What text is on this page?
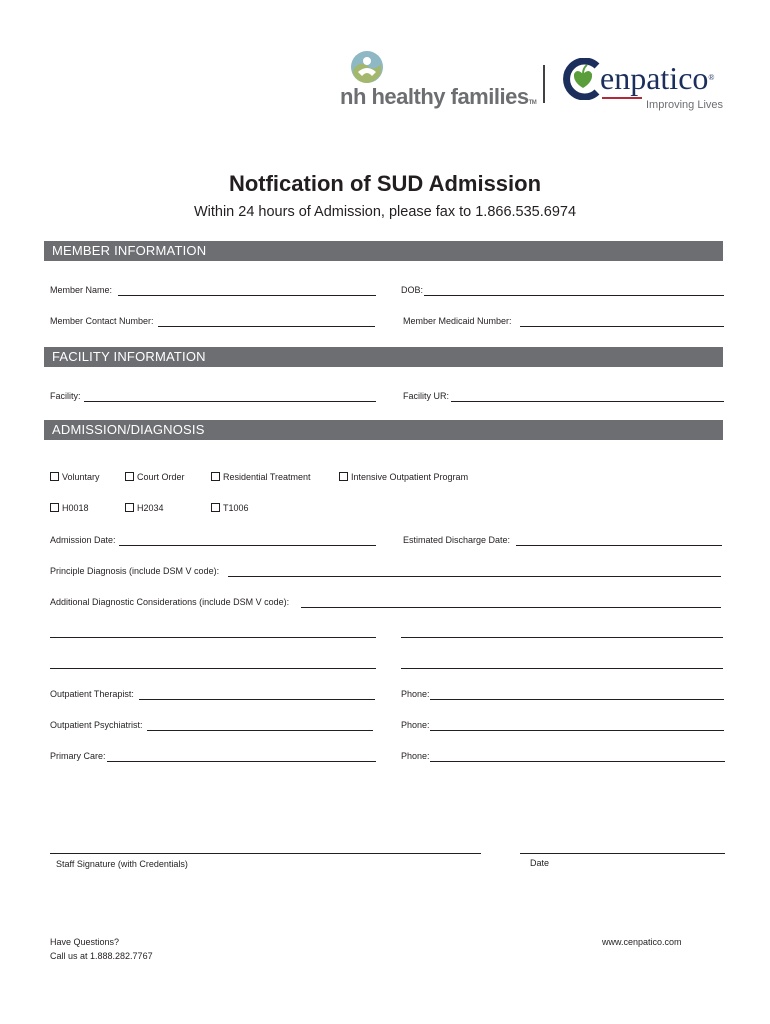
nh healthy familiesTM
enpatico®
Improving Lives
Notfication of SUD Admission
Within 24 hours of Admission, please fax to 1.866.535.6974
MEMBER INFORMATION
Member Name:	DOB:
Member Contact Number:	Member Medicaid Number:
FACILITY INFORMATION
Facility:	Facility UR:
ADMISSION/DIAGNOSIS
Voluntary	Court Order	Residential Treatment	Intensive Outpatient Program
H0018	H2034	T1006
Admission Date:	Estimated Discharge Date:
Principle Diagnosis (include DSM V code):
Additional Diagnostic Considerations (include DSM V code):
Outpatient Therapist:	Phone:
Outpatient Psychiatrist:	Phone:
Primary Care:	Phone:
Staff Signature (with Credentials)	Date
Have Questions?
Call us at 1.888.282.7767
www.cenpatico.com
